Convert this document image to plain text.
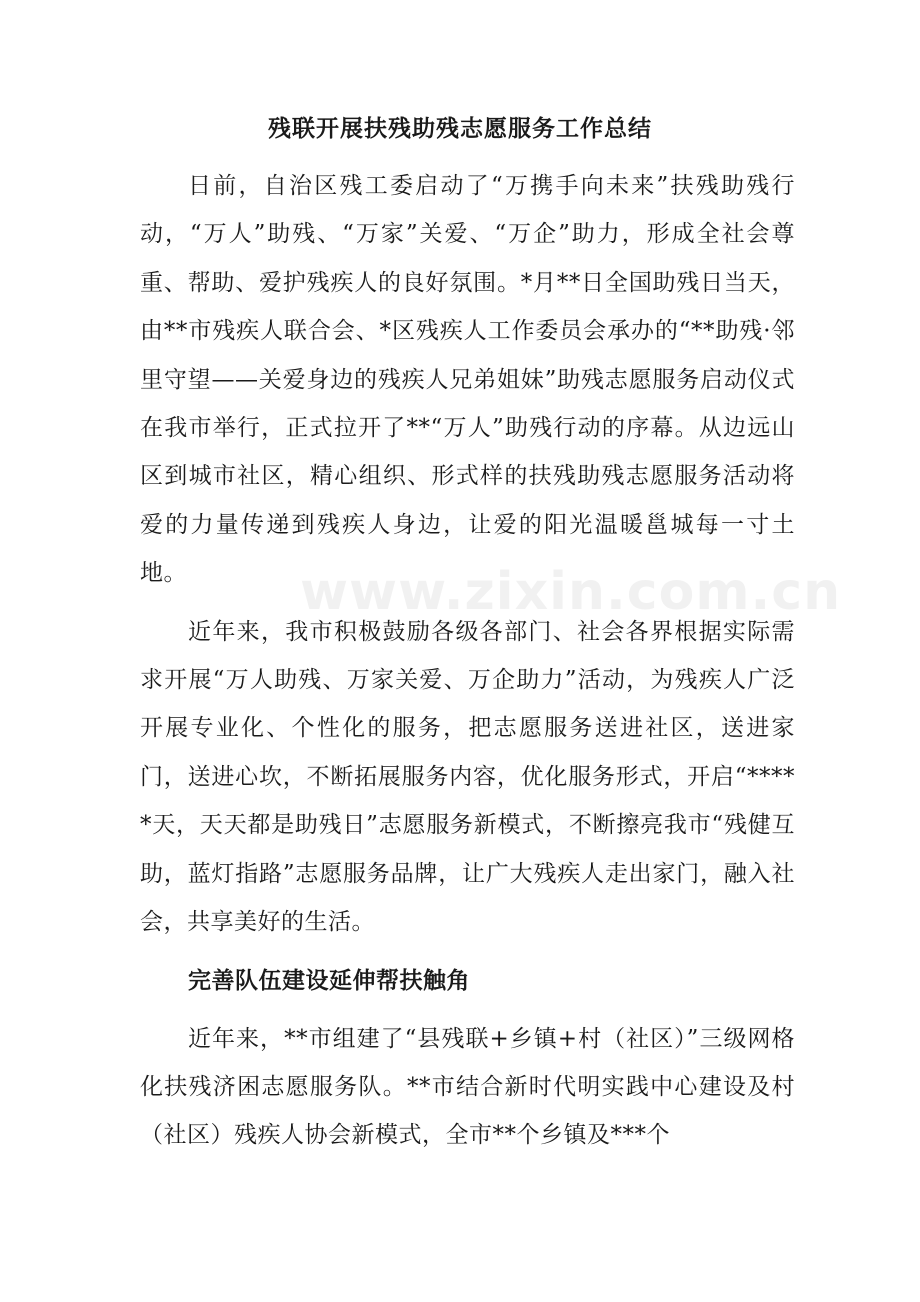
残联开展扶残助残志愿服务工作总结

日前，自治区残工委启动了“万携手向未来”扶残助残行动，“万人”助残、“万家”关爱、“万企”助力，形成全社会尊重、帮助、爱护残疾人的良好氛围。*月**日全国助残日当天，由**市残疾人联合会、*区残疾人工作委员会承办的“**助残·邻里守望——关爱身边的残疾人兄弟姐妹”助残志愿服务启动仪式在我市举行，正式拉开了**“万人”助残行动的序幕。从边远山区到城市社区，精心组织、形式样的扶残助残志愿服务活动将爱的力量传递到残疾人身边，让爱的阳光温暖邕城每一寸土地。

近年来，我市积极鼓励各级各部门、社会各界根据实际需求开展“万人助残、万家关爱、万企助力”活动，为残疾人广泛开展专业化、个性化的服务，把志愿服务送进社区，送进家门，送进心坎，不断拓展服务内容，优化服务形式，开启“*****天，天天都是助残日”志愿服务新模式，不断擦亮我市“残健互助，蓝灯指路”志愿服务品牌，让广大残疾人走出家门，融入社会，共享美好的生活。

完善队伍建设延伸帮扶触角

近年来，**市组建了“县残联+乡镇+村（社区）”三级网格化扶残济困志愿服务队。**市结合新时代明实践中心建设及村（社区）残疾人协会新模式，全市**个乡镇及***个

www.zixin.com.cn
